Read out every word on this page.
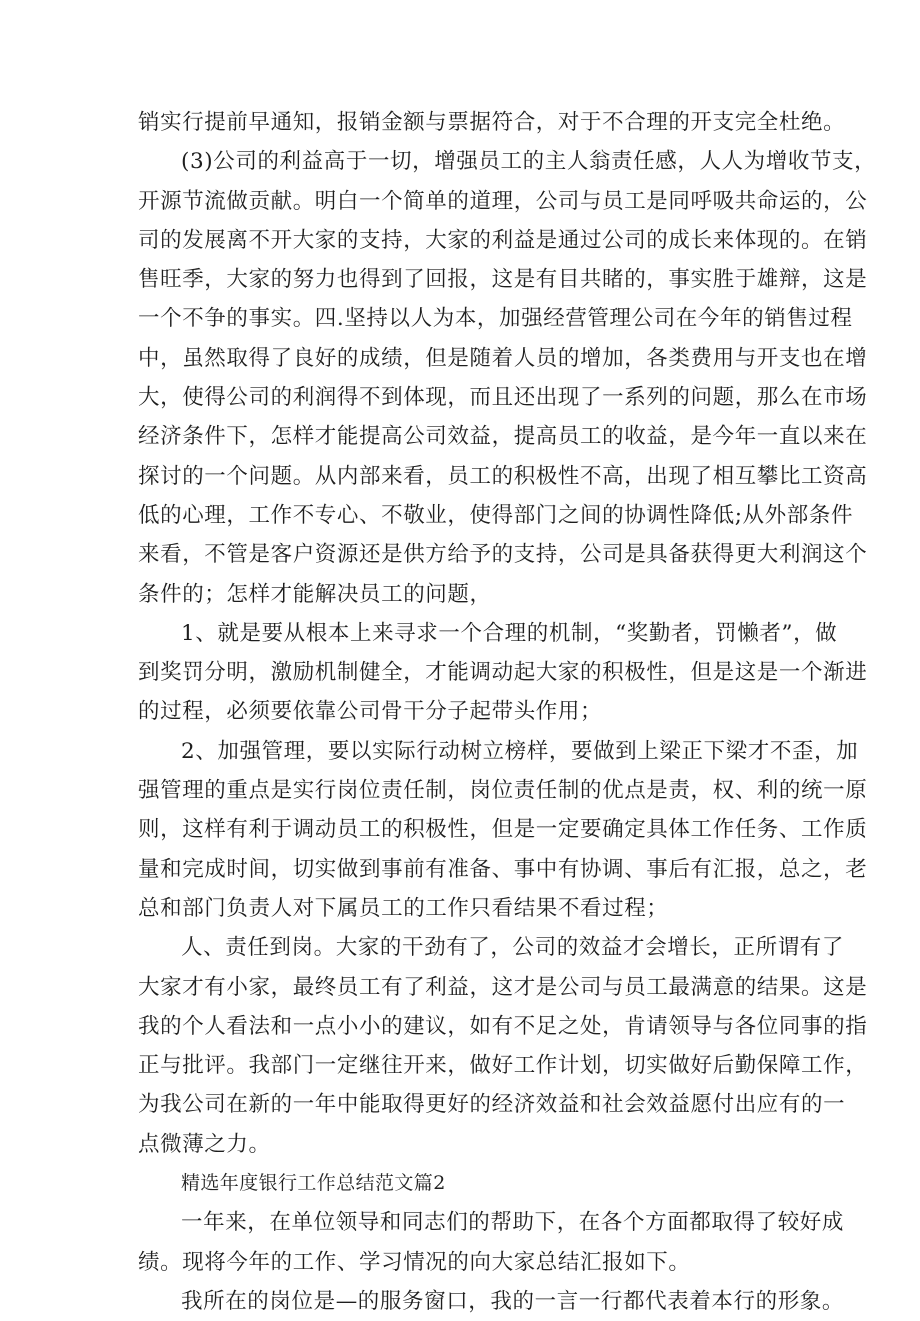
销实行提前早通知，报销金额与票据符合，对于不合理的开支完全杜绝。
(3)公司的利益高于一切，增强员工的主人翁责任感，人人为增收节支，
开源节流做贡献。明白一个简单的道理，公司与员工是同呼吸共命运的，公
司的发展离不开大家的支持，大家的利益是通过公司的成长来体现的。在销
售旺季，大家的努力也得到了回报，这是有目共睹的，事实胜于雄辩，这是
一个不争的事实。四.坚持以人为本，加强经营管理公司在今年的销售过程
中，虽然取得了良好的成绩，但是随着人员的增加，各类费用与开支也在增
大，使得公司的利润得不到体现，而且还出现了一系列的问题，那么在市场
经济条件下，怎样才能提高公司效益，提高员工的收益，是今年一直以来在
探讨的一个问题。从内部来看，员工的积极性不高，出现了相互攀比工资高
低的心理，工作不专心、不敬业，使得部门之间的协调性降低;从外部条件
来看，不管是客户资源还是供方给予的支持，公司是具备获得更大利润这个
条件的；怎样才能解决员工的问题，
1、就是要从根本上来寻求一个合理的机制，“奖勤者，罚懒者”，做
到奖罚分明，激励机制健全，才能调动起大家的积极性，但是这是一个渐进
的过程，必须要依靠公司骨干分子起带头作用；
2、加强管理，要以实际行动树立榜样，要做到上梁正下梁才不歪，加
强管理的重点是实行岗位责任制，岗位责任制的优点是责，权、利的统一原
则，这样有利于调动员工的积极性，但是一定要确定具体工作任务、工作质
量和完成时间，切实做到事前有准备、事中有协调、事后有汇报，总之，老
总和部门负责人对下属员工的工作只看结果不看过程；
人、责任到岗。大家的干劲有了，公司的效益才会增长，正所谓有了
大家才有小家，最终员工有了利益，这才是公司与员工最满意的结果。这是
我的个人看法和一点小小的建议，如有不足之处，肯请领导与各位同事的指
正与批评。我部门一定继往开来，做好工作计划，切实做好后勤保障工作，
为我公司在新的一年中能取得更好的经济效益和社会效益愿付出应有的一
点微薄之力。
精选年度银行工作总结范文篇2
一年来，在单位领导和同志们的帮助下，在各个方面都取得了较好成
绩。现将今年的工作、学习情况的向大家总结汇报如下。
我所在的岗位是—的服务窗口，我的一言一行都代表着本行的形象。
